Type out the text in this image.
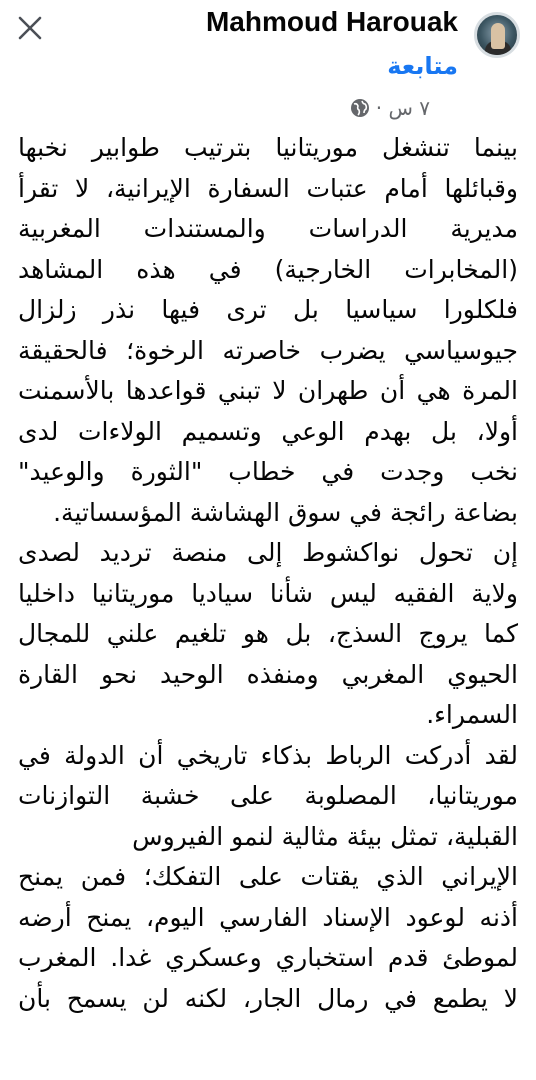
Mahmoud Harouak
متابعة
٧ س ·
بينما تنشغل موريتانيا بترتيب طوابير نخبها
وقبائلها أمام عتبات السفارة الإيرانية، لا تقرأ
مديرية الدراسات والمستندات المغربية
(المخابرات الخارجية) في هذه المشاهد
فلكلورا سياسيا بل ترى فيها نذر زلزال
جيوسياسي يضرب خاصرته الرخوة؛ فالحقيقة
المرة هي أن طهران لا تبني قواعدها بالأسمنت
أولا، بل بهدم الوعي وتسميم الولاءات لدى
نخب وجدت في خطاب "الثورة والوعيد"
بضاعة رائجة في سوق الهشاشة المؤسساتية.
إن تحول نواكشوط إلى منصة ترديد لصدى
ولاية الفقيه ليس شأنا سياديا موريتانيا داخليا
كما يروج السذج، بل هو تلغيم علني للمجال
الحيوي المغربي ومنفذه الوحيد نحو القارة
السمراء.
لقد أدركت الرباط بذكاء تاريخي أن الدولة في
موريتانيا، المصلوبة على خشبة التوازنات
القبلية، تمثل بيئة مثالية لنمو الفيروس
الإيراني الذي يقتات على التفكك؛ فمن يمنح
أذنه لوعود الإسناد الفارسي اليوم، يمنح أرضه
لموطئ قدم استخباري وعسكري غدا. المغرب
لا يطمع في رمال الجار، لكنه لن يسمح بأن
